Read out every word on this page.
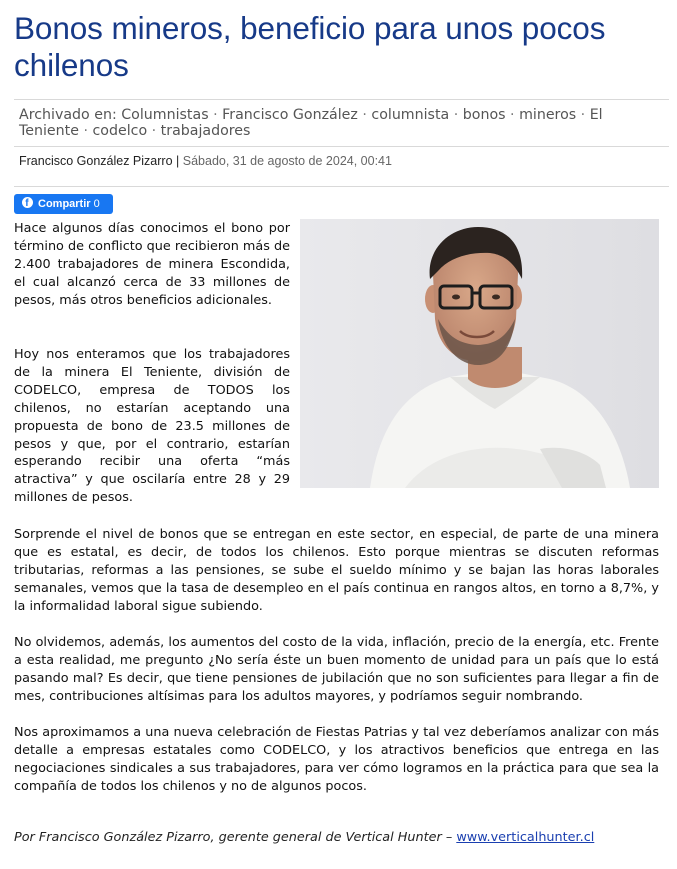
Bonos mineros, beneficio para unos pocos chilenos
Archivado en: Columnistas · Francisco González · columnista · bonos · mineros · El Teniente · codelco · trabajadores
Francisco González Pizarro | Sábado, 31 de agosto de 2024, 00:41
fCompartir 0

Hace algunos días conocimos el bono por término de conflicto que recibieron más de 2.400 trabajadores de minera Escondida, el cual alcanzó cerca de 33 millones de pesos, más otros beneficios adicionales.

Hoy nos enteramos que los trabajadores de la minera El Teniente, división de CODELCO, empresa de TODOS los chilenos, no estarían aceptando una propuesta de bono de 23.5 millones de pesos y que, por el contrario, estarían esperando recibir una oferta “más atractiva” y que oscilaría entre 28 y 29 millones de pesos.

Sorprende el nivel de bonos que se entregan en este sector, en especial, de parte de una minera que es estatal, es decir, de todos los chilenos. Esto porque mientras se discuten reformas tributarias, reformas a las pensiones, se sube el sueldo mínimo y se bajan las horas laborales semanales, vemos que la tasa de desempleo en el país continua en rangos altos, en torno a 8,7%, y la informalidad laboral sigue subiendo.

No olvidemos, además, los aumentos del costo de la vida, inflación, precio de la energía, etc. Frente a esta realidad, me pregunto ¿No sería éste un buen momento de unidad para un país que lo está pasando mal? Es decir, que tiene pensiones de jubilación que no son suficientes para llegar a fin de mes, contribuciones altísimas para los adultos mayores, y podríamos seguir nombrando.

Nos aproximamos a una nueva celebración de Fiestas Patrias y tal vez deberíamos analizar con más detalle a empresas estatales como CODELCO, y los atractivos beneficios que entrega en las negociaciones sindicales a sus trabajadores, para ver cómo logramos en la práctica para que sea la compañía de todos los chilenos y no de algunos pocos.

Por Francisco González Pizarro, gerente general de Vertical Hunter – www.verticalhunter.cl
